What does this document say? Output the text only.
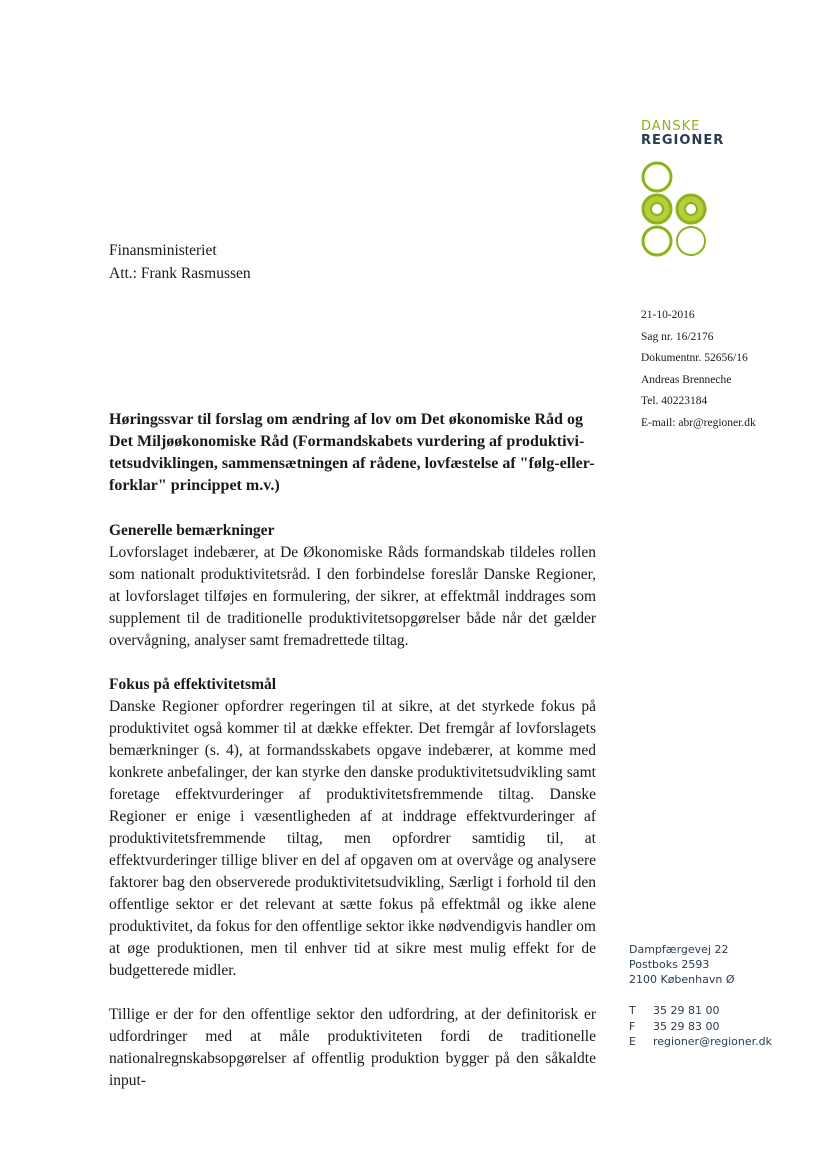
DANSKE
REGIONER
Finansministeriet
Att.: Frank Rasmussen
21-10-2016
Sag nr. 16/2176
Dokumentnr. 52656/16
Andreas Brenneche
Tel. 40223184
E-mail: abr@regioner.dk

Høringssvar til forslag om ændring af lov om Det økonomiske Råd og Det Miljøøkonomiske Råd (Formandskabets vurdering af produktivi-tetsudviklingen, sammensætningen af rådene, lovfæstelse af "følg-eller-forklar" princippet m.v.)

Generelle bemærkninger

Lovforslaget indebærer, at De Økonomiske Råds formandskab tildeles rollen som nationalt produktivitetsråd. I den forbindelse foreslår Danske Regioner, at lovforslaget tilføjes en formulering, der sikrer, at effektmål inddrages som supplement til de traditionelle produktivitetsopgørelser både når det gælder overvågning, analyser samt fremadrettede tiltag.

Fokus på effektivitetsmål

Danske Regioner opfordrer regeringen til at sikre, at det styrkede fokus på produktivitet også kommer til at dække effekter. Det fremgår af lovforslagets bemærkninger (s. 4), at formandsskabets opgave indebærer, at komme med konkrete anbefalinger, der kan styrke den danske produktivitetsudvikling samt foretage effektvurderinger af produktivitetsfremmende tiltag. Danske Regioner er enige i væsentligheden af at inddrage effektvurderinger af produktivitetsfremmende tiltag, men opfordrer samtidig til, at effektvurderinger tillige bliver en del af opgaven om at overvåge og analysere faktorer bag den observerede produktivitetsudvikling, Særligt i forhold til den offentlige sektor er det relevant at sætte fokus på effektmål og ikke alene produktivitet, da fokus for den offentlige sektor ikke nødvendigvis handler om at øge produktionen, men til enhver tid at sikre mest mulig effekt for de budgetterede midler.

Tillige er der for den offentlige sektor den udfordring, at der definitorisk er udfordringer med at måle produktiviteten fordi de traditionelle nationalregnskabsopgørelser af offentlig produktion bygger på den såkaldte input-

Dampfærgevej 22
Postboks 2593
2100 København Ø
T	35 29 81 00
F	35 29 83 00
E	regioner@regioner.dk
